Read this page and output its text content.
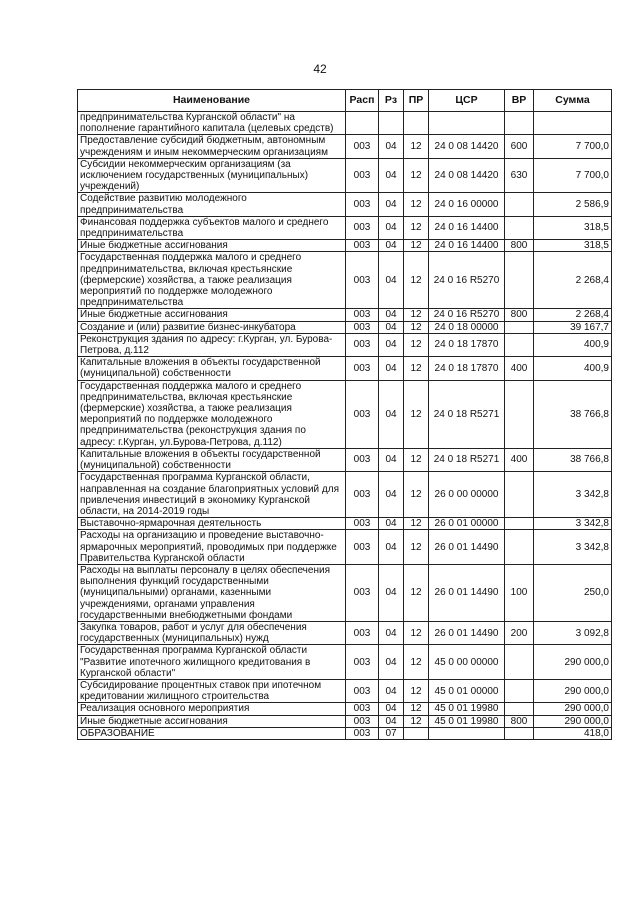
42
Наименование	Расп	Рз	ПР	ЦСР	ВР	Сумма
предпринимательства Курганской области" на пополнение гарантийного капитала (целевых средств)						
Предоставление субсидий бюджетным, автономным учреждениям и иным некоммерческим организациям	003	04	12	24 0 08 14420	600	7 700,0
Субсидии некоммерческим организациям (за исключением государственных (муниципальных) учреждений)	003	04	12	24 0 08 14420	630	7 700,0
Содействие развитию молодежного предпринимательства	003	04	12	24 0 16 00000		2 586,9
Финансовая поддержка субъектов малого и среднего предпринимательства	003	04	12	24 0 16 14400		318,5
Иные бюджетные ассигнования	003	04	12	24 0 16 14400	800	318,5
Государственная поддержка малого и среднего предпринимательства, включая крестьянские (фермерские) хозяйства, а также реализация мероприятий по поддержке молодежного предпринимательства	003	04	12	24 0 16 R5270		2 268,4
Иные бюджетные ассигнования	003	04	12	24 0 16 R5270	800	2 268,4
Создание и (или) развитие бизнес-инкубатора	003	04	12	24 0 18 00000		39 167,7
Реконструкция здания по адресу: г.Курган, ул. Бурова-Петрова, д.112	003	04	12	24 0 18 17870		400,9
Капитальные вложения в объекты государственной (муниципальной) собственности	003	04	12	24 0 18 17870	400	400,9
Государственная поддержка малого и среднего предпринимательства, включая крестьянские (фермерские) хозяйства, а также реализация мероприятий по поддержке молодежного предпринимательства (реконструкция здания по адресу: г.Курган, ул.Бурова-Петрова, д.112)	003	04	12	24 0 18 R5271		38 766,8
Капитальные вложения в объекты государственной (муниципальной) собственности	003	04	12	24 0 18 R5271	400	38 766,8
Государственная программа Курганской области, направленная на создание благоприятных условий для привлечения инвестиций в экономику Курганской области, на 2014-2019 годы	003	04	12	26 0 00 00000		3 342,8
Выставочно-ярмарочная деятельность	003	04	12	26 0 01 00000		3 342,8
Расходы на организацию и проведение выставочно-ярмарочных мероприятий, проводимых при поддержке Правительства Курганской области	003	04	12	26 0 01 14490		3 342,8
Расходы на выплаты персоналу в целях обеспечения выполнения функций государственными (муниципальными) органами, казенными учреждениями, органами управления государственными внебюджетными фондами	003	04	12	26 0 01 14490	100	250,0
Закупка товаров, работ и услуг для обеспечения государственных (муниципальных) нужд	003	04	12	26 0 01 14490	200	3 092,8
Государственная программа Курганской области "Развитие ипотечного жилищного кредитования в Курганской области"	003	04	12	45 0 00 00000		290 000,0
Субсидирование процентных ставок при ипотечном кредитовании жилищного строительства	003	04	12	45 0 01 00000		290 000,0
Реализация основного мероприятия	003	04	12	45 0 01 19980		290 000,0
Иные бюджетные ассигнования	003	04	12	45 0 01 19980	800	290 000,0
ОБРАЗОВАНИЕ	003	07				418,0
